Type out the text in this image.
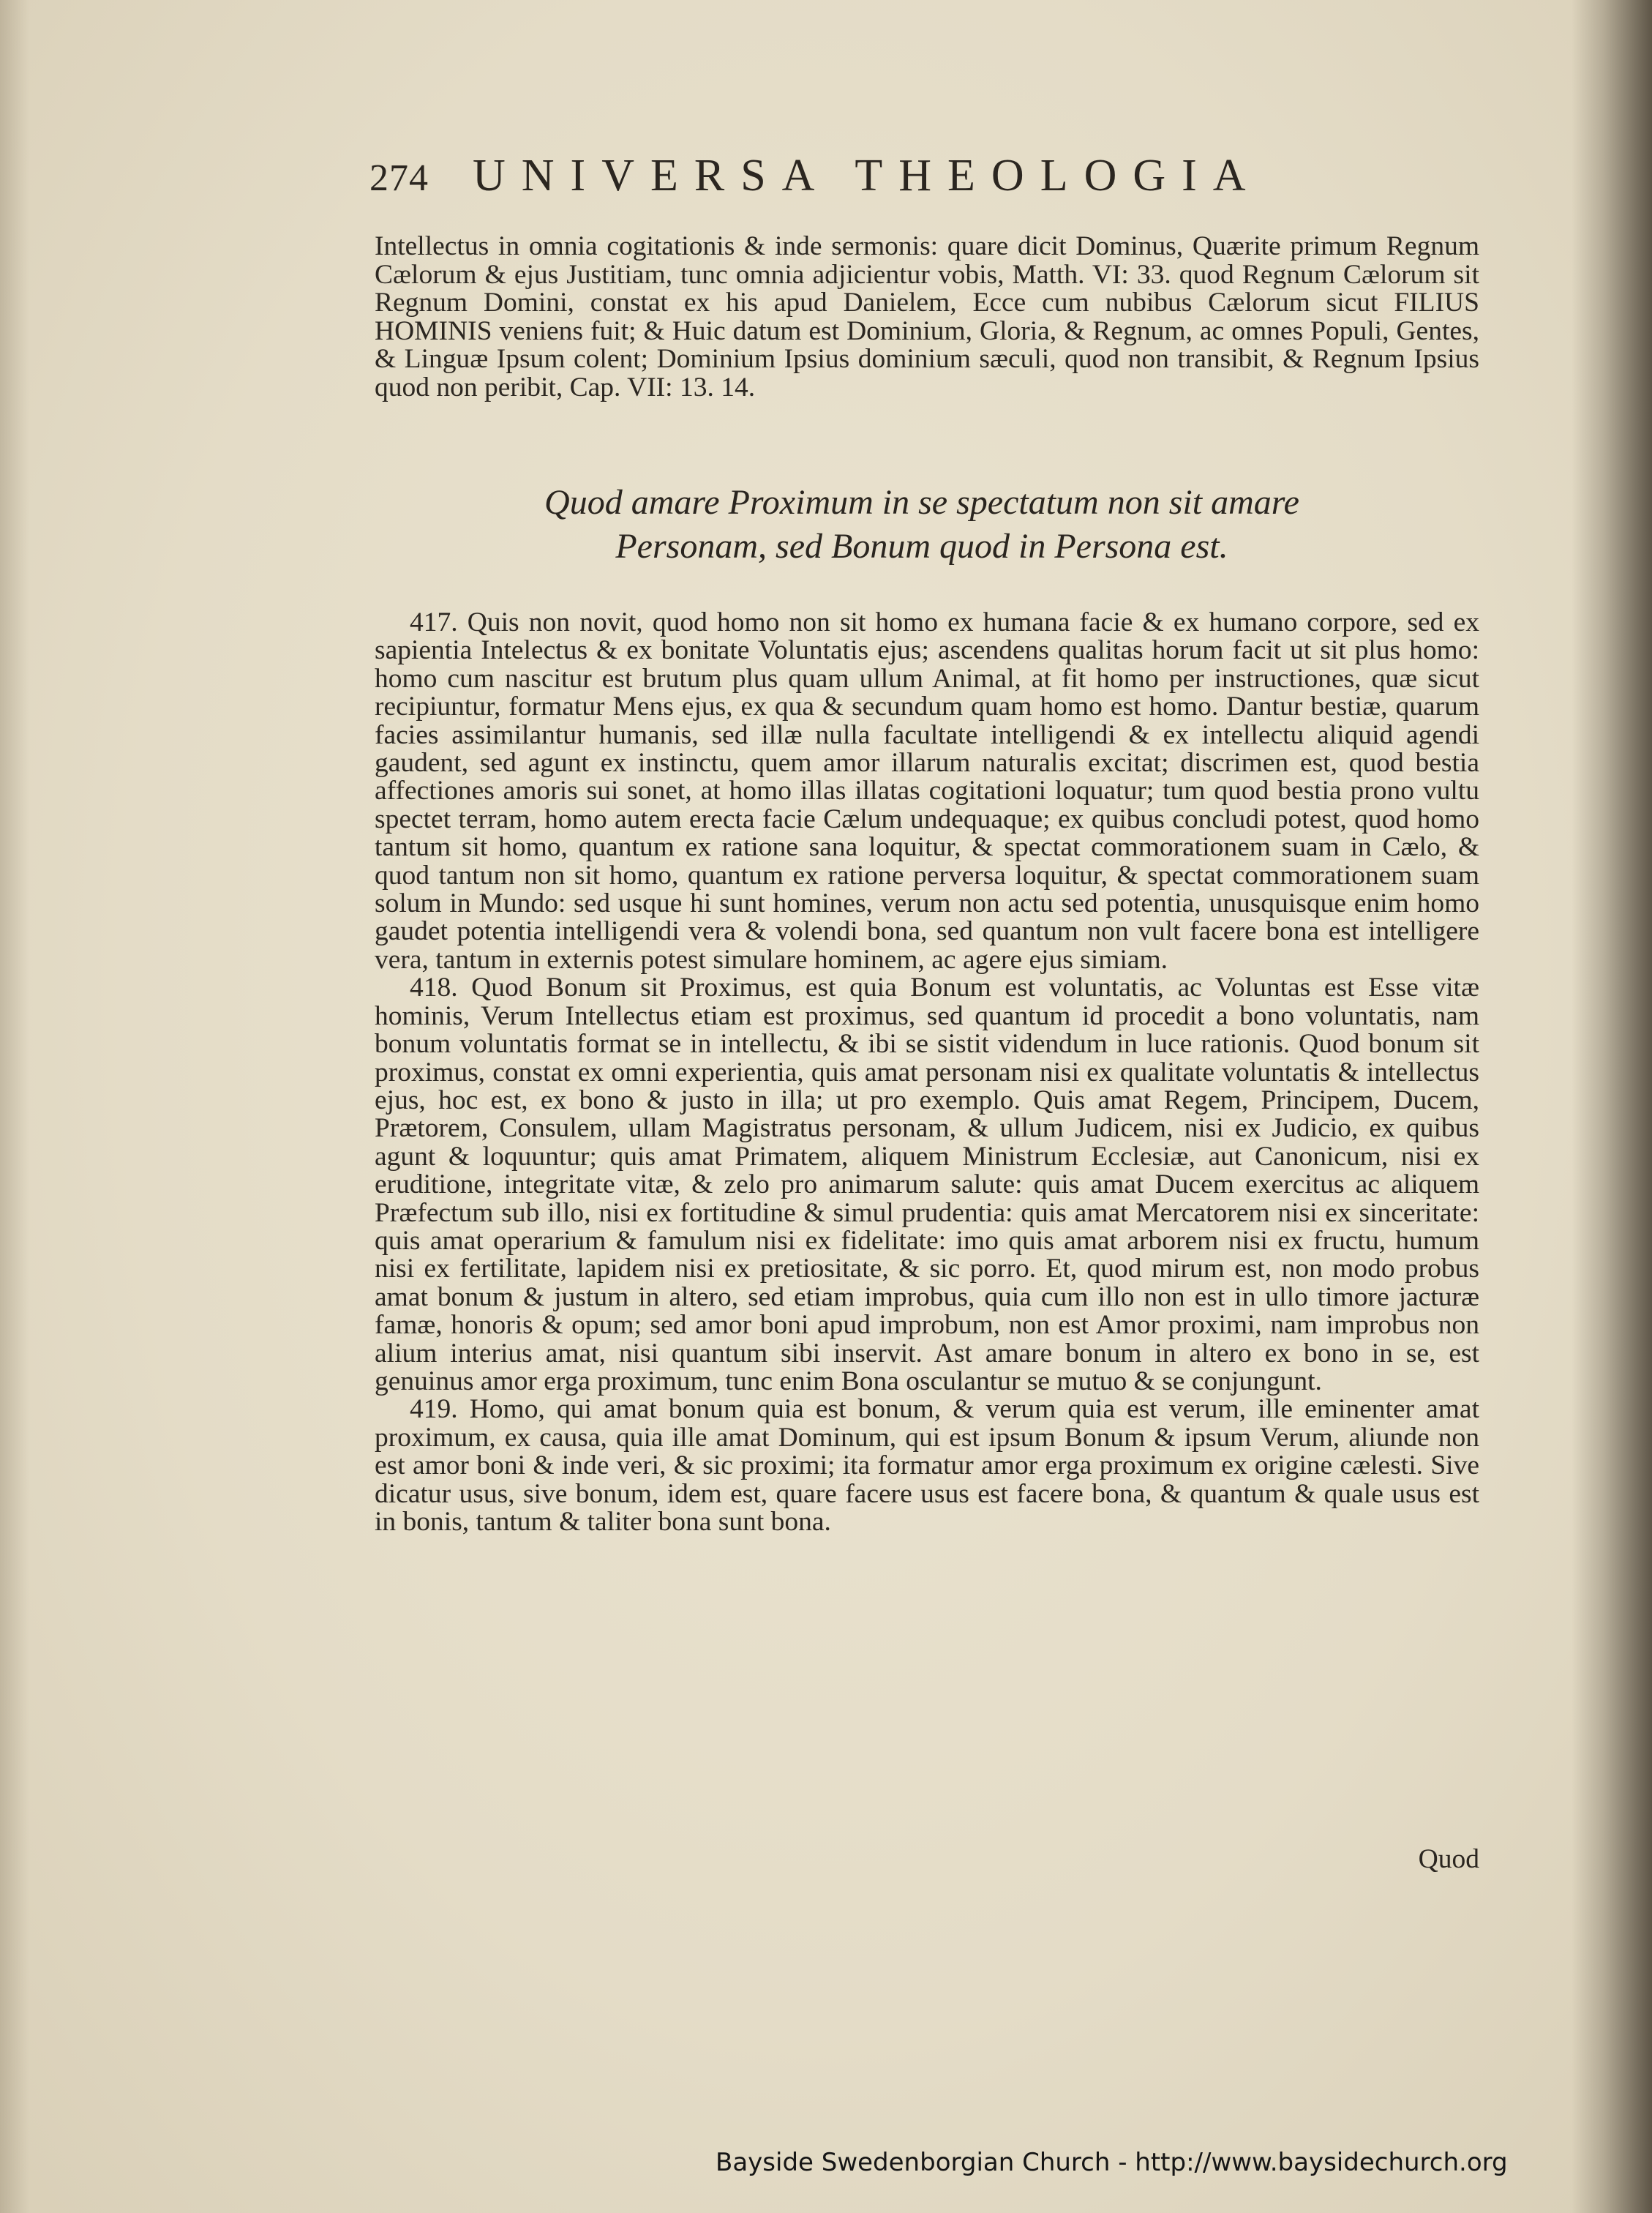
274 UNIVERSA THEOLOGIA

Intellectus in omnia cogitationis & inde sermonis: quare dicit Dominus, Quærite primum Regnum Cælorum & ejus Justitiam, tunc omnia adjicientur vobis, Matth. VI: 33. quod Regnum Cælorum sit Regnum Domini, constat ex his apud Danielem, Ecce cum nubibus Cælorum sicut FILIUS HOMINIS veniens fuit; & Huic datum est Dominium, Gloria, & Regnum, ac omnes Populi, Gentes, & Linguæ Ipsum colent; Dominium Ipsius dominium sæculi, quod non transibit, & Regnum Ipsius quod non peribit, Cap. VII: 13. 14.

Quod amare Proximum in se spectatum non sit amare
Personam, sed Bonum quod in Persona est.

417. Quis non novit, quod homo non sit homo ex humana facie & ex humano corpore, sed ex sapientia Intelectus & ex bonitate Voluntatis ejus; ascendens qualitas horum facit ut sit plus homo: homo cum nascitur est brutum plus quam ullum Animal, at fit homo per instructiones, quæ sicut recipiuntur, formatur Mens ejus, ex qua & secundum quam homo est homo. Dantur bestiæ, quarum facies assimilantur humanis, sed illæ nulla facultate intelligendi & ex intellectu aliquid agendi gaudent, sed agunt ex instinctu, quem amor illarum naturalis excitat; discrimen est, quod bestia affectiones amoris sui sonet, at homo illas illatas cogitationi loquatur; tum quod bestia prono vultu spectet terram, homo autem erecta facie Cælum undequaque; ex quibus concludi potest, quod homo tantum sit homo, quantum ex ratione sana loquitur, & spectat commorationem suam in Cælo, & quod tantum non sit homo, quantum ex ratione perversa loquitur, & spectat commorationem suam solum in Mundo: sed usque hi sunt homines, verum non actu sed potentia, unusquisque enim homo gaudet potentia intelligendi vera & volendi bona, sed quantum non vult facere bona est intelligere vera, tantum in externis potest simulare hominem, ac agere ejus simiam.

418. Quod Bonum sit Proximus, est quia Bonum est voluntatis, ac Voluntas est Esse vitæ hominis, Verum Intellectus etiam est proximus, sed quantum id procedit a bono voluntatis, nam bonum voluntatis format se in intellectu, & ibi se sistit videndum in luce rationis. Quod bonum sit proximus, constat ex omni experientia, quis amat personam nisi ex qualitate voluntatis & intellectus ejus, hoc est, ex bono & justo in illa; ut pro exemplo. Quis amat Regem, Principem, Ducem, Prætorem, Consulem, ullam Magistratus personam, & ullum Judicem, nisi ex Judicio, ex quibus agunt & loquuntur; quis amat Primatem, aliquem Ministrum Ecclesiæ, aut Canonicum, nisi ex eruditione, integritate vitæ, & zelo pro animarum salute: quis amat Ducem exercitus ac aliquem Præfectum sub illo, nisi ex fortitudine & simul prudentia: quis amat Mercatorem nisi ex sinceritate: quis amat operarium & famulum nisi ex fidelitate: imo quis amat arborem nisi ex fructu, humum nisi ex fertilitate, lapidem nisi ex pretiositate, & sic porro. Et, quod mirum est, non modo probus amat bonum & justum in altero, sed etiam improbus, quia cum illo non est in ullo timore jacturæ famæ, honoris & opum; sed amor boni apud improbum, non est Amor proximi, nam improbus non alium interius amat, nisi quantum sibi inservit. Ast amare bonum in altero ex bono in se, est genuinus amor erga proximum, tunc enim Bona osculantur se mutuo & se conjungunt.

419. Homo, qui amat bonum quia est bonum, & verum quia est verum, ille eminenter amat proximum, ex causa, quia ille amat Dominum, qui est ipsum Bonum & ipsum Verum, aliunde non est amor boni & inde veri, & sic proximi; ita formatur amor erga proximum ex origine cælesti. Sive dicatur usus, sive bonum, idem est, quare facere usus est facere bona, & quantum & quale usus est in bonis, tantum & taliter bona sunt bona.

Quod
Bayside Swedenborgian Church - http://www.baysidechurch.org
